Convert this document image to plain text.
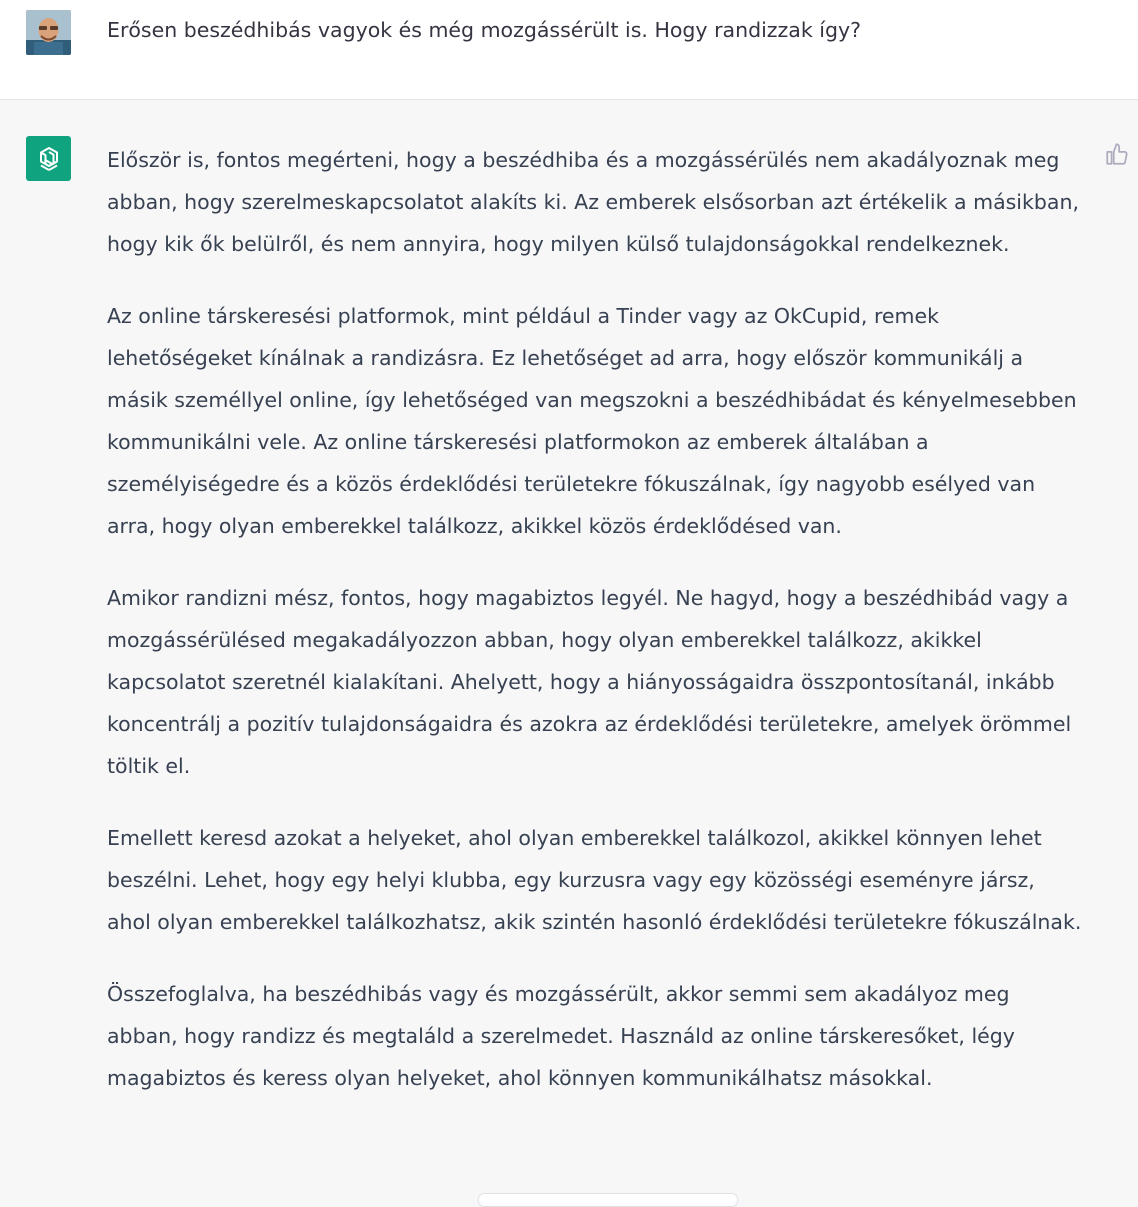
Erősen beszédhibás vagyok és még mozgássérült is. Hogy randizzak így?

Először is, fontos megérteni, hogy a beszédhiba és a mozgássérülés nem akadályoznak meg abban, hogy szerelmeskapcsolatot alakíts ki. Az emberek elsősorban azt értékelik a másikban, hogy kik ők belülről, és nem annyira, hogy milyen külső tulajdonságokkal rendelkeznek.

Az online társkeresési platformok, mint például a Tinder vagy az OkCupid, remek lehetőségeket kínálnak a randizásra. Ez lehetőséget ad arra, hogy először kommunikálj a másik személlyel online, így lehetőséged van megszokni a beszédhibádat és kényelmesebben kommunikálni vele. Az online társkeresési platformokon az emberek általában a személyiségedre és a közös érdeklődési területekre fókuszálnak, így nagyobb esélyed van arra, hogy olyan emberekkel találkozz, akikkel közös érdeklődésed van.

Amikor randizni mész, fontos, hogy magabiztos legyél. Ne hagyd, hogy a beszédhibád vagy a mozgássérülésed megakadályozzon abban, hogy olyan emberekkel találkozz, akikkel kapcsolatot szeretnél kialakítani. Ahelyett, hogy a hiányosságaidra összpontosítanál, inkább koncentrálj a pozitív tulajdonságaidra és azokra az érdeklődési területekre, amelyek örömmel töltik el.

Emellett keresd azokat a helyeket, ahol olyan emberekkel találkozol, akikkel könnyen lehet beszélni. Lehet, hogy egy helyi klubba, egy kurzusra vagy egy közösségi eseményre jársz, ahol olyan emberekkel találkozhatsz, akik szintén hasonló érdeklődési területekre fókuszálnak.

Összefoglalva, ha beszédhibás vagy és mozgássérült, akkor semmi sem akadályoz meg abban, hogy randizz és megtaláld a szerelmedet. Használd az online társkeresőket, légy magabiztos és keress olyan helyeket, ahol könnyen kommunikálhatsz másokkal.
